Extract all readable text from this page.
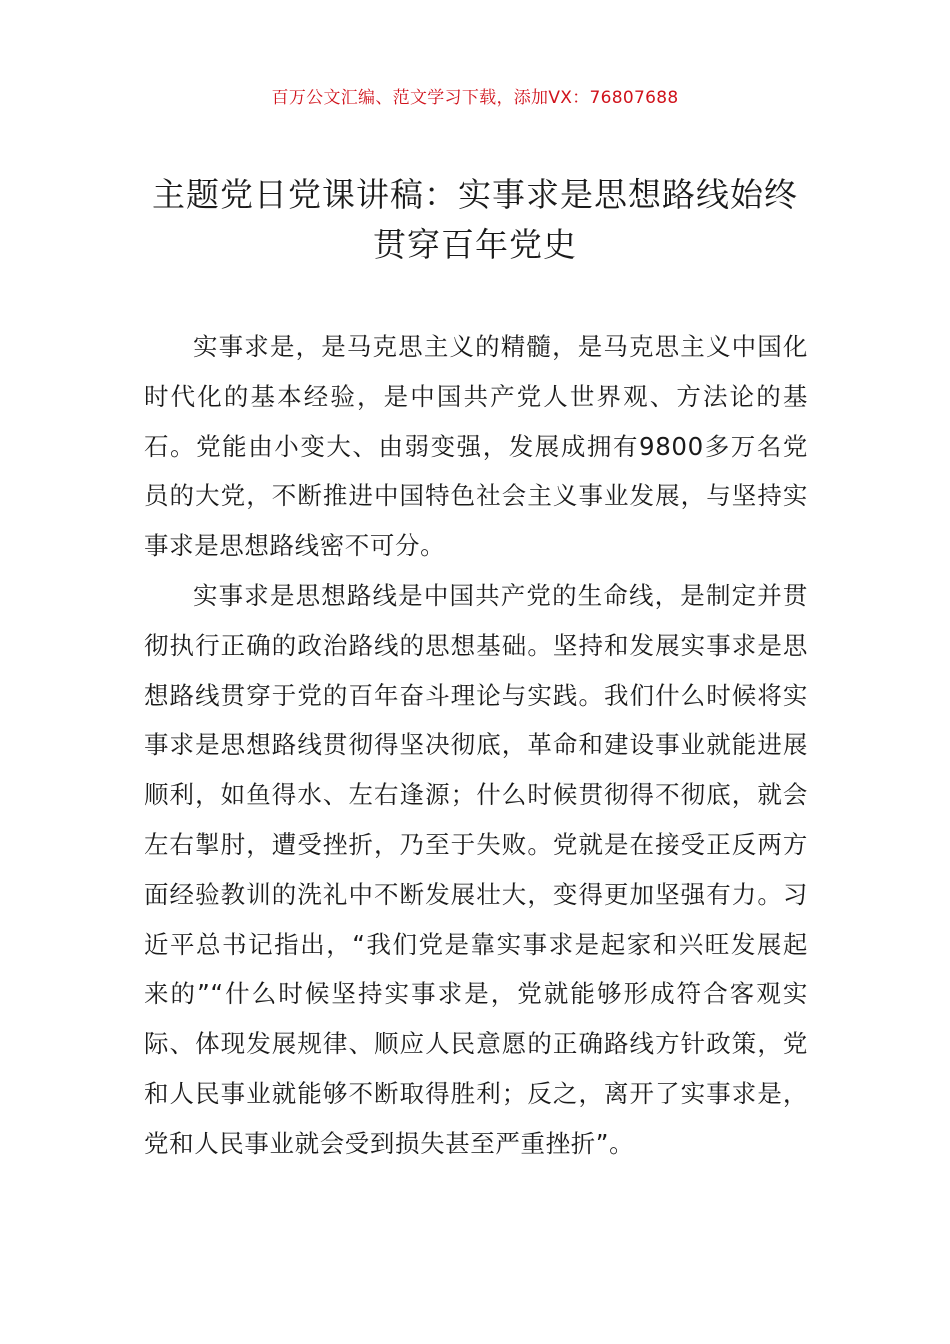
百万公文汇编、范文学习下载，添加VX：76807688
主题党日党课讲稿：实事求是思想路线始终贯穿百年党史

实事求是，是马克思主义的精髓，是马克思主义中国化时代化的基本经验，是中国共产党人世界观、方法论的基石。党能由小变大、由弱变强，发展成拥有9800多万名党员的大党，不断推进中国特色社会主义事业发展，与坚持实事求是思想路线密不可分。

实事求是思想路线是中国共产党的生命线，是制定并贯彻执行正确的政治路线的思想基础。坚持和发展实事求是思想路线贯穿于党的百年奋斗理论与实践。我们什么时候将实事求是思想路线贯彻得坚决彻底，革命和建设事业就能进展顺利，如鱼得水、左右逢源；什么时候贯彻得不彻底，就会左右掣肘，遭受挫折，乃至于失败。党就是在接受正反两方面经验教训的洗礼中不断发展壮大，变得更加坚强有力。习近平总书记指出，“我们党是靠实事求是起家和兴旺发展起来的”“什么时候坚持实事求是，党就能够形成符合客观实际、体现发展规律、顺应人民意愿的正确路线方针政策，党和人民事业就能够不断取得胜利；反之，离开了实事求是，党和人民事业就会受到损失甚至严重挫折”。
